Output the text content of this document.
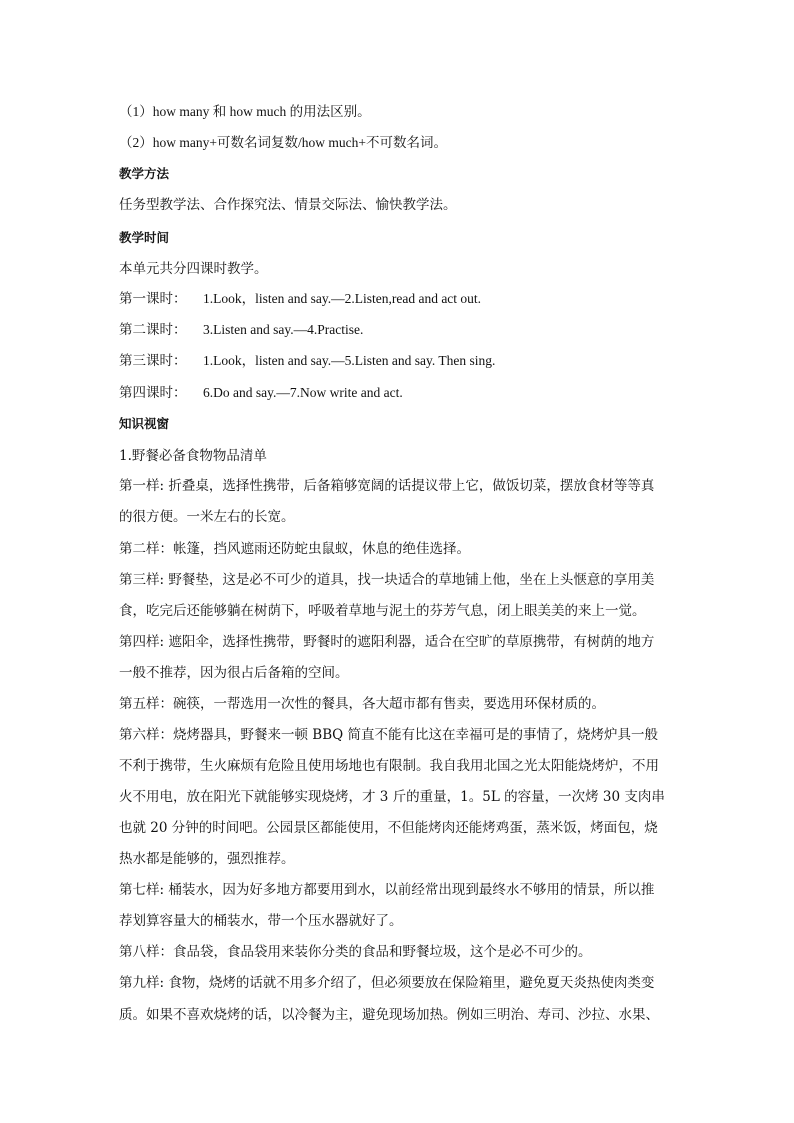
（1）how many 和 how much 的用法区别。
（2）how many+可数名词复数/how much+不可数名词。
教学方法
任务型教学法、合作探究法、情景交际法、愉快教学法。
教学时间
本单元共分四课时教学。
第一课时： 1.Look，listen and say.—2.Listen,read and act out.
第二课时： 3.Listen and say.—4.Practise.
第三课时： 1.Look，listen and say.—5.Listen and say. Then sing.
第四课时： 6.Do and say.—7.Now write and act.
知识视窗
1.野餐必备食物物品清单
第一样: 折叠桌，选择性携带，后备箱够宽阔的话提议带上它，做饭切菜，摆放食材等等真
的很方便。一米左右的长宽。
第二样：帐篷，挡风遮雨还防蛇虫鼠蚁，休息的绝佳选择。
第三样: 野餐垫，这是必不可少的道具，找一块适合的草地铺上他，坐在上头惬意的享用美
食，吃完后还能够躺在树荫下，呼吸着草地与泥土的芬芳气息，闭上眼美美的来上一觉。
第四样: 遮阳伞，选择性携带，野餐时的遮阳利器，适合在空旷的草原携带，有树荫的地方
一般不推荐，因为很占后备箱的空间。
第五样：碗筷，一帮选用一次性的餐具，各大超市都有售卖，要选用环保材质的。
第六样：烧烤器具，野餐来一顿 BBQ 简直不能有比这在幸福可是的事情了，烧烤炉具一般
不利于携带，生火麻烦有危险且使用场地也有限制。我自我用北国之光太阳能烧烤炉，不用
火不用电，放在阳光下就能够实现烧烤，才 3 斤的重量，1。5L 的容量，一次烤 30 支肉串
也就 20 分钟的时间吧。公园景区都能使用，不但能烤肉还能烤鸡蛋，蒸米饭，烤面包，烧
热水都是能够的，强烈推荐。
第七样: 桶装水，因为好多地方都要用到水，以前经常出现到最终水不够用的情景，所以推
荐划算容量大的桶装水，带一个压水器就好了。
第八样：食品袋，食品袋用来装你分类的食品和野餐垃圾，这个是必不可少的。
第九样: 食物，烧烤的话就不用多介绍了，但必须要放在保险箱里，避免夏天炎热使肉类变
质。如果不喜欢烧烤的话，以冷餐为主，避免现场加热。例如三明治、寿司、沙拉、水果、
